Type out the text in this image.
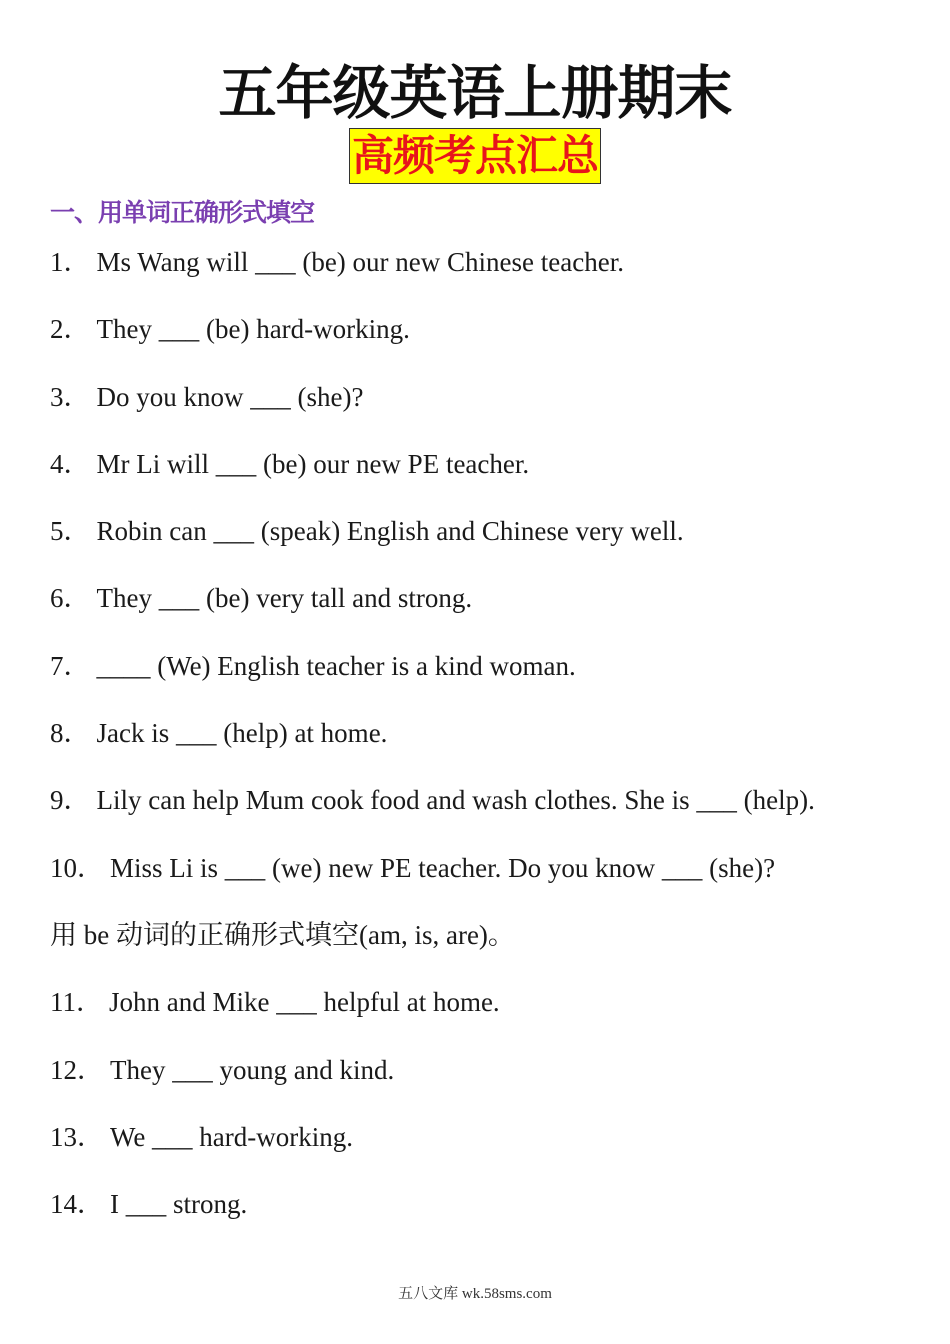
五年级英语上册期末
高频考点汇总
一、用单词正确形式填空
1． Ms Wang will ___ (be) our new Chinese teacher.
2． They ___ (be) hard-working.
3． Do you know ___ (she)?
4． Mr Li will ___ (be) our new PE teacher.
5． Robin can ___ (speak) English and Chinese very well.
6． They ___ (be) very tall and strong.
7． ____ (We) English teacher is a kind woman.
8． Jack is ___ (help) at home.
9． Lily can help Mum cook food and wash clothes. She is ___ (help).
10． Miss Li is ___ (we) new PE teacher. Do you know ___ (she)?
用 be 动词的正确形式填空(am, is, are)。
11． John and Mike ___ helpful at home.
12． They ___ young and kind.
13． We ___ hard-working.
14． I ___ strong.
五八文库 wk.58sms.com
